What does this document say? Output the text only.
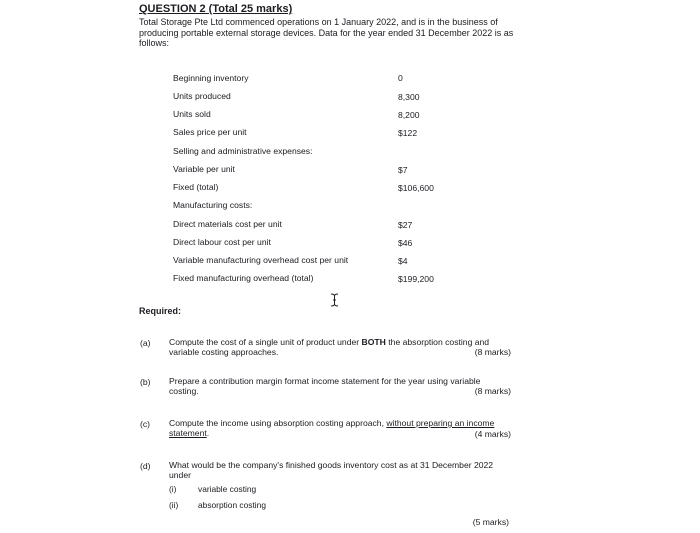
QUESTION 2 (Total 25 marks)
Total Storage Pte Ltd commenced operations on 1 January 2022, and is in the business of producing portable external storage devices. Data for the year ended 31 December 2022 is as follows:
Beginning inventory	0
Units produced	8,300
Units sold	8,200
Sales price per unit	$122
Selling and administrative expenses:
Variable per unit	$7
Fixed (total)	$106,600
Manufacturing costs:
Direct materials cost per unit	$27
Direct labour cost per unit	$46
Variable manufacturing overhead cost per unit	$4
Fixed manufacturing overhead (total)	$199,200
Required:
(a) Compute the cost of a single unit of product under BOTH the absorption costing and variable costing approaches.	(8 marks)
(b) Prepare a contribution margin format income statement for the year using variable costing.	(8 marks)
(c) Compute the income using absorption costing approach, without preparing an income statement.	(4 marks)
(d) What would be the company's finished goods inventory cost as at 31 December 2022 under
(i)	variable costing
(ii) absorption costing
(5 marks)
